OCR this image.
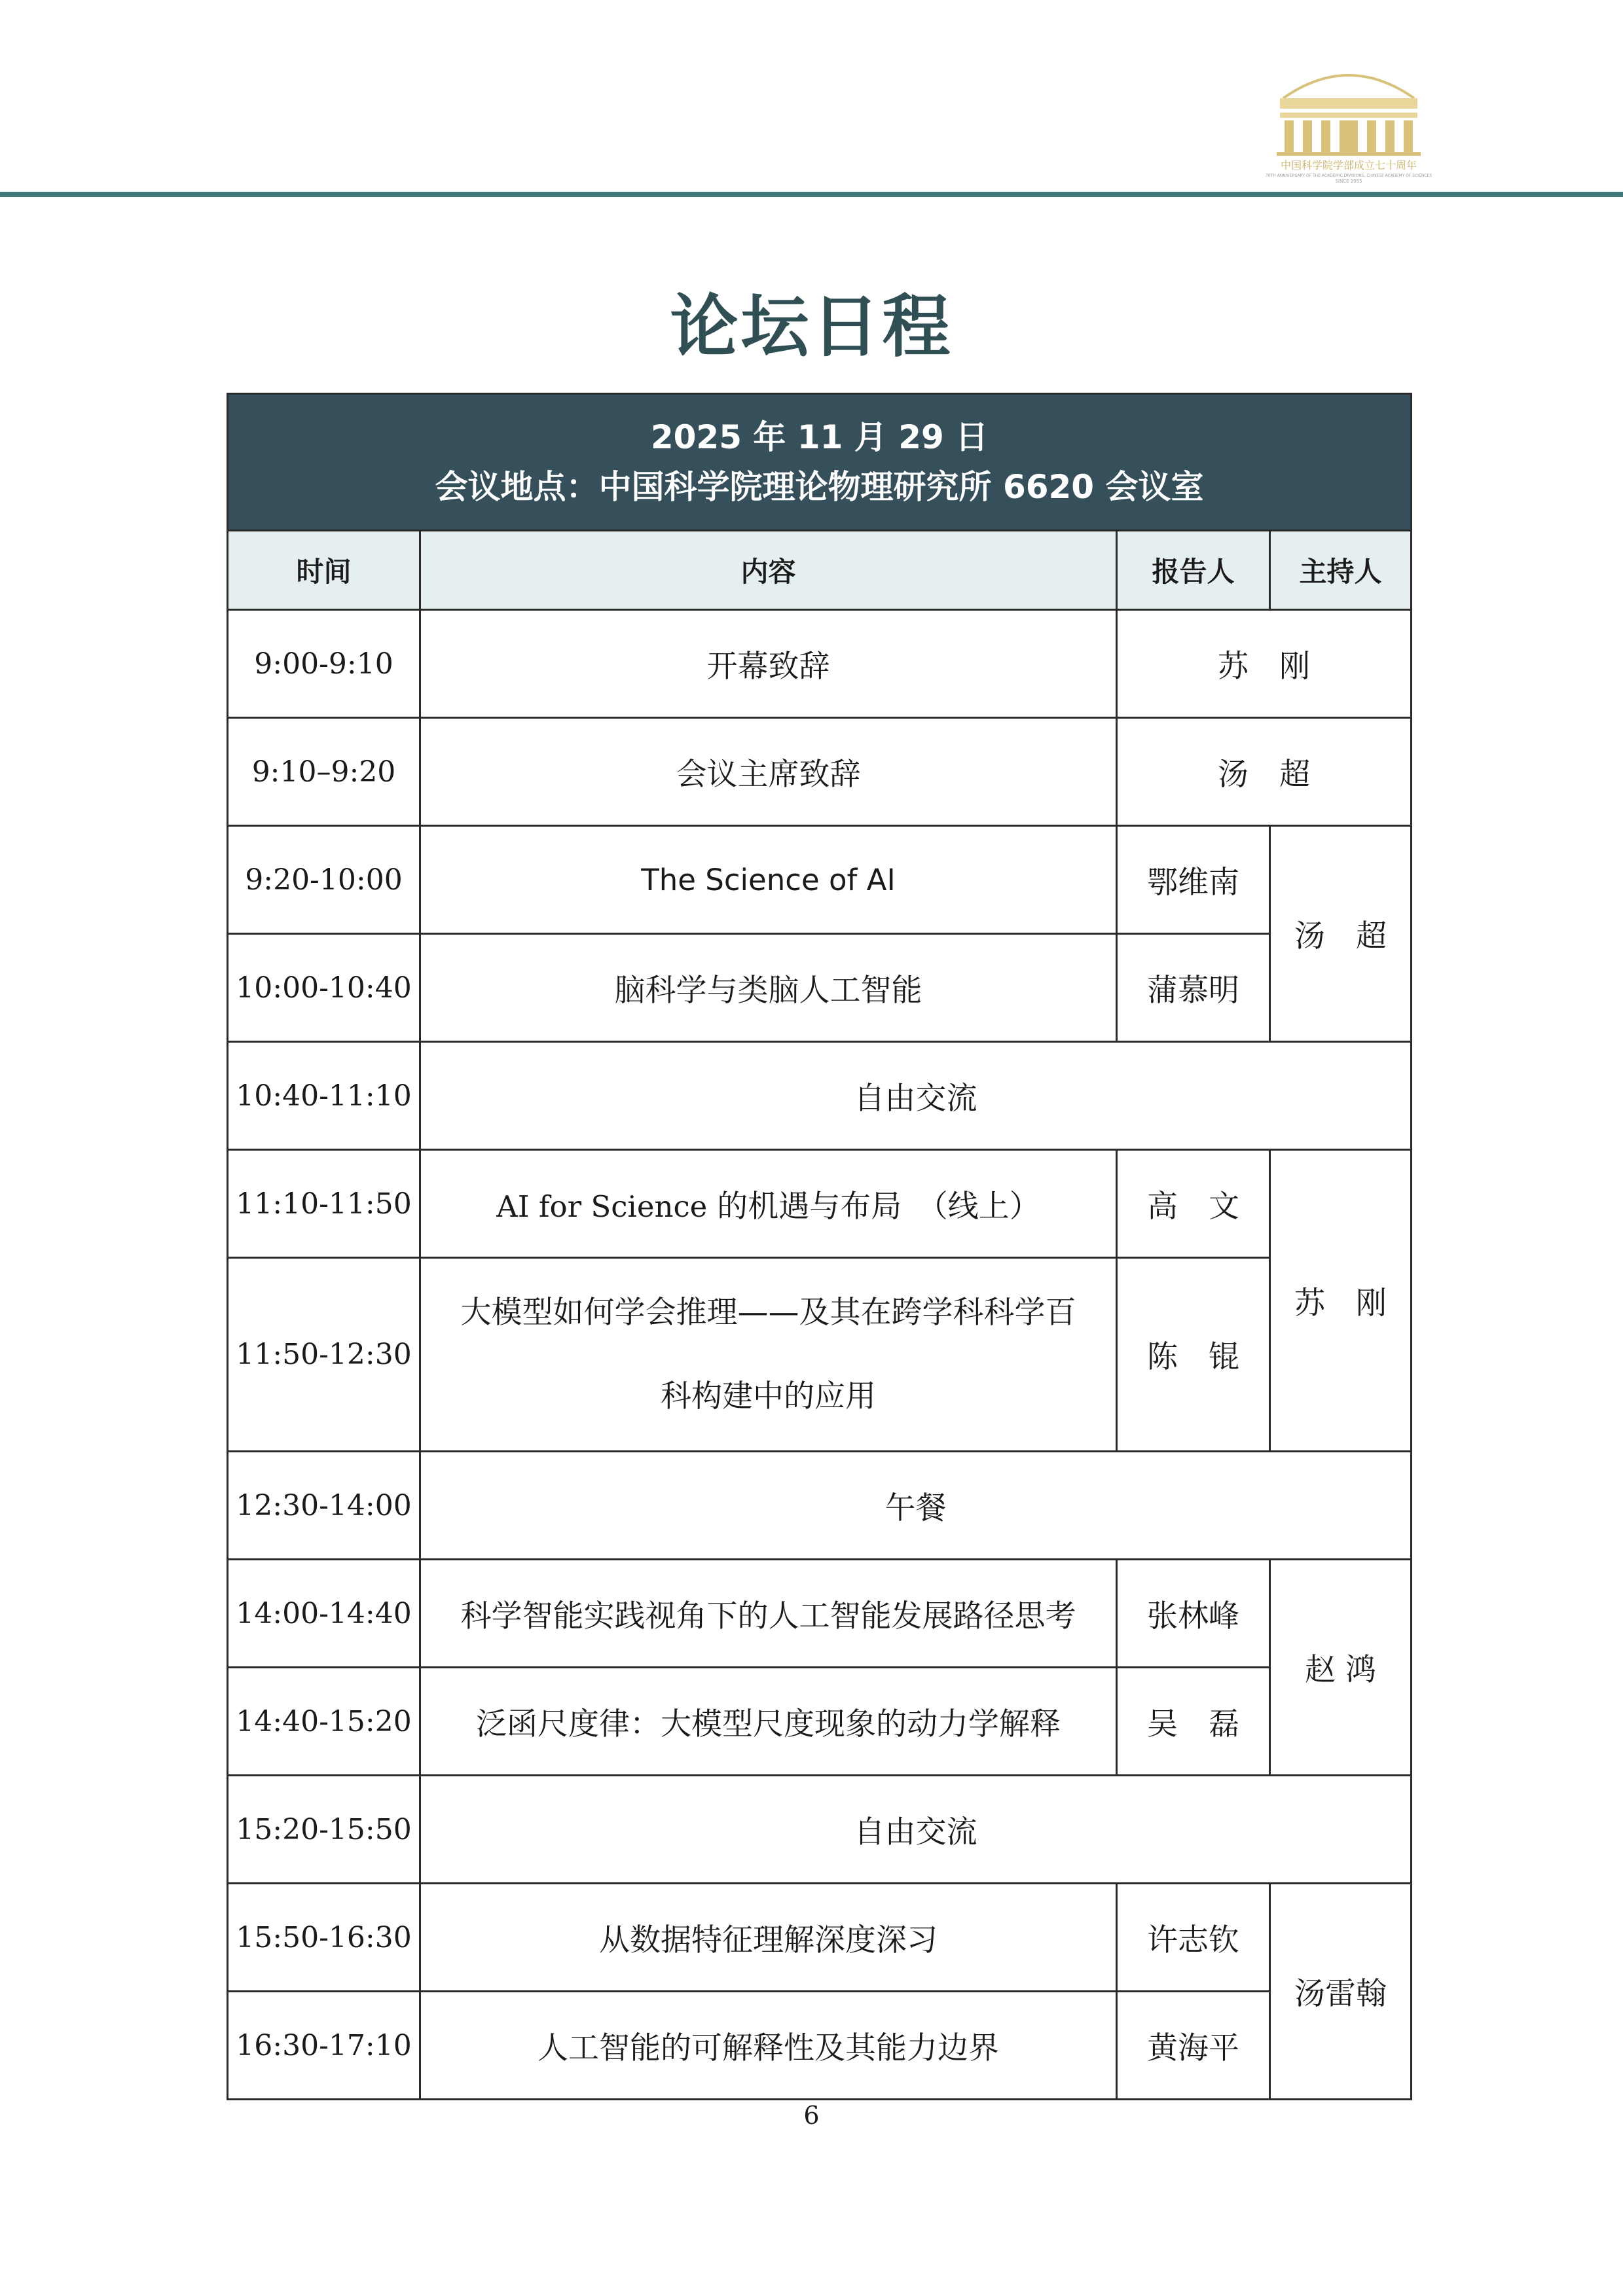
中国科学院学部成立七十周年
70TH ANNIVERSARY OF THE ACADEMIC DIVISIONS, CHINESE ACADEMY OF SCIENCES
SINCE 1955
论坛日程
2025 年 11 月 29 日
会议地点：中国科学院理论物理研究所 6620 会议室			

时间	内容	报告人	主持人
9:00-9:10	开幕致辞	苏　刚	
9:10–9:20	会议主席致辞	汤　超	
9:20-10:00	The Science of AI	鄂维南	汤　超
10:00-10:40	脑科学与类脑人工智能	蒲慕明	
10:40-11:10	自由交流		
11:10-11:50	AI for Science 的机遇与布局　（线上）	高　文	苏　刚
11:50-12:30	大模型如何学会推理——及其在跨学科科学百
科构建中的应用	陈　锟	
12:30-14:00	午餐		
14:00-14:40	科学智能实践视角下的人工智能发展路径思考	张林峰	赵 鸿
14:40-15:20	泛函尺度律：大模型尺度现象的动力学解释	吴　磊	
15:20-15:50	自由交流		
15:50-16:30	从数据特征理解深度深习	许志钦	汤雷翰
16:30-17:10	人工智能的可解释性及其能力边界	黄海平	
6
